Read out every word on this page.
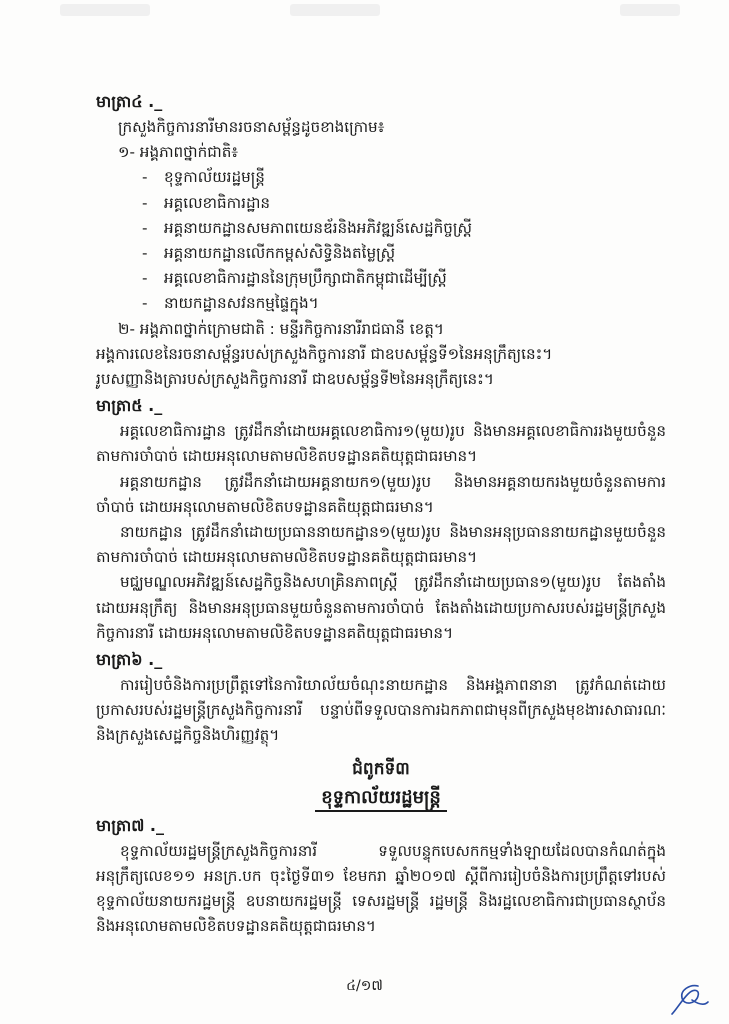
មាត្រា៤ ._

ក្រសួងកិច្ចការនារីមានរចនាសម្ព័ន្ធដូចខាងក្រោម៖

១- អង្គភាពថ្នាក់ជាតិ៖

- ខុទ្ទកាល័យរដ្ឋមន្ត្រី

- អគ្គលេខាធិការដ្ឋាន

- អគ្គនាយកដ្ឋានសមភាពយេនឌ័រនិងអភិវឌ្ឍន៍សេដ្ឋកិច្ចស្ត្រី

- អគ្គនាយកដ្ឋានលើកកម្ពស់សិទ្ធិនិងតម្លៃស្ត្រី

- អគ្គលេខាធិការដ្ឋាននៃក្រុមប្រឹក្សាជាតិកម្ពុជាដើម្បីស្ត្រី

- នាយកដ្ឋានសវនកម្មផ្ទៃក្នុង។

២- អង្គភាពថ្នាក់ក្រោមជាតិ : មន្ទីរកិច្ចការនារីរាជធានី ខេត្ត។

អង្គការលេខនៃរចនាសម្ព័ន្ធរបស់ក្រសួងកិច្ចការនារី ជាឧបសម្ព័ន្ធទី១នៃអនុក្រឹត្យនេះ។

រូបសញ្ញានិងត្រារបស់ក្រសួងកិច្ចការនារី ជាឧបសម្ព័ន្ធទី២នៃអនុក្រឹត្យនេះ។

មាត្រា៥ ._

អគ្គលេខាធិការដ្ឋាន ត្រូវដឹកនាំដោយអគ្គលេខាធិការ១(មួយ)រូប និងមានអគ្គលេខាធិការរងមួយចំនួនតាមការចាំបាច់ ដោយអនុលោមតាមលិខិតបទដ្ឋានគតិយុត្តជាធរមាន។

អគ្គនាយកដ្ឋាន ត្រូវដឹកនាំដោយអគ្គនាយក១(មួយ)រូប និងមានអគ្គនាយករងមួយចំនួនតាមការចាំបាច់ ដោយអនុលោមតាមលិខិតបទដ្ឋានគតិយុត្តជាធរមាន។

នាយកដ្ឋាន ត្រូវដឹកនាំដោយប្រធាននាយកដ្ឋាន១(មួយ)រូប និងមានអនុប្រធាននាយកដ្ឋានមួយចំនួនតាមការចាំបាច់ ដោយអនុលោមតាមលិខិតបទដ្ឋានគតិយុត្តជាធរមាន។

មជ្ឈមណ្ឌលអភិវឌ្ឍន៍សេដ្ឋកិច្ចនិងសហគ្រិនភាពស្ត្រី ត្រូវដឹកនាំដោយប្រធាន១(មួយ)រូប តែងតាំងដោយអនុក្រឹត្យ និងមានអនុប្រធានមួយចំនួនតាមការចាំបាច់ តែងតាំងដោយប្រកាសរបស់រដ្ឋមន្ត្រីក្រសួងកិច្ចការនារី ដោយអនុលោមតាមលិខិតបទដ្ឋានគតិយុត្តជាធរមាន។

មាត្រា៦ ._

ការរៀបចំនិងការប្រព្រឹត្តទៅនៃការិយាល័យចំណុះនាយកដ្ឋាន និងអង្គភាពនានា ត្រូវកំណត់ដោយប្រកាសរបស់រដ្ឋមន្ត្រីក្រសួងកិច្ចការនារី បន្ទាប់ពីទទួលបានការឯកភាពជាមុនពីក្រសួងមុខងារសាធារណៈ និងក្រសួងសេដ្ឋកិច្ចនិងហិរញ្ញវត្ថុ។

ជំពូកទី៣

ខុទ្ទកាល័យរដ្ឋមន្ត្រី

មាត្រា៧ ._

ខុទ្ទកាល័យរដ្ឋមន្ត្រីក្រសួងកិច្ចការនារី ទទួលបន្ទុកបេសកកម្មទាំងឡាយដែលបានកំណត់ក្នុងអនុក្រឹត្យលេខ១១ អនក្រ.បក ចុះថ្ងៃទី៣១ ខែមករា ឆ្នាំ២០១៧ ស្តីពីការរៀបចំនិងការប្រព្រឹត្តទៅរបស់ខុទ្ទកាល័យនាយករដ្ឋមន្ត្រី ឧបនាយករដ្ឋមន្ត្រី ទេសរដ្ឋមន្ត្រី រដ្ឋមន្ត្រី និងរដ្ឋលេខាធិការជាប្រធានស្ថាប័ន និងអនុលោមតាមលិខិតបទដ្ឋានគតិយុត្តជាធរមាន។

៤/១៧
